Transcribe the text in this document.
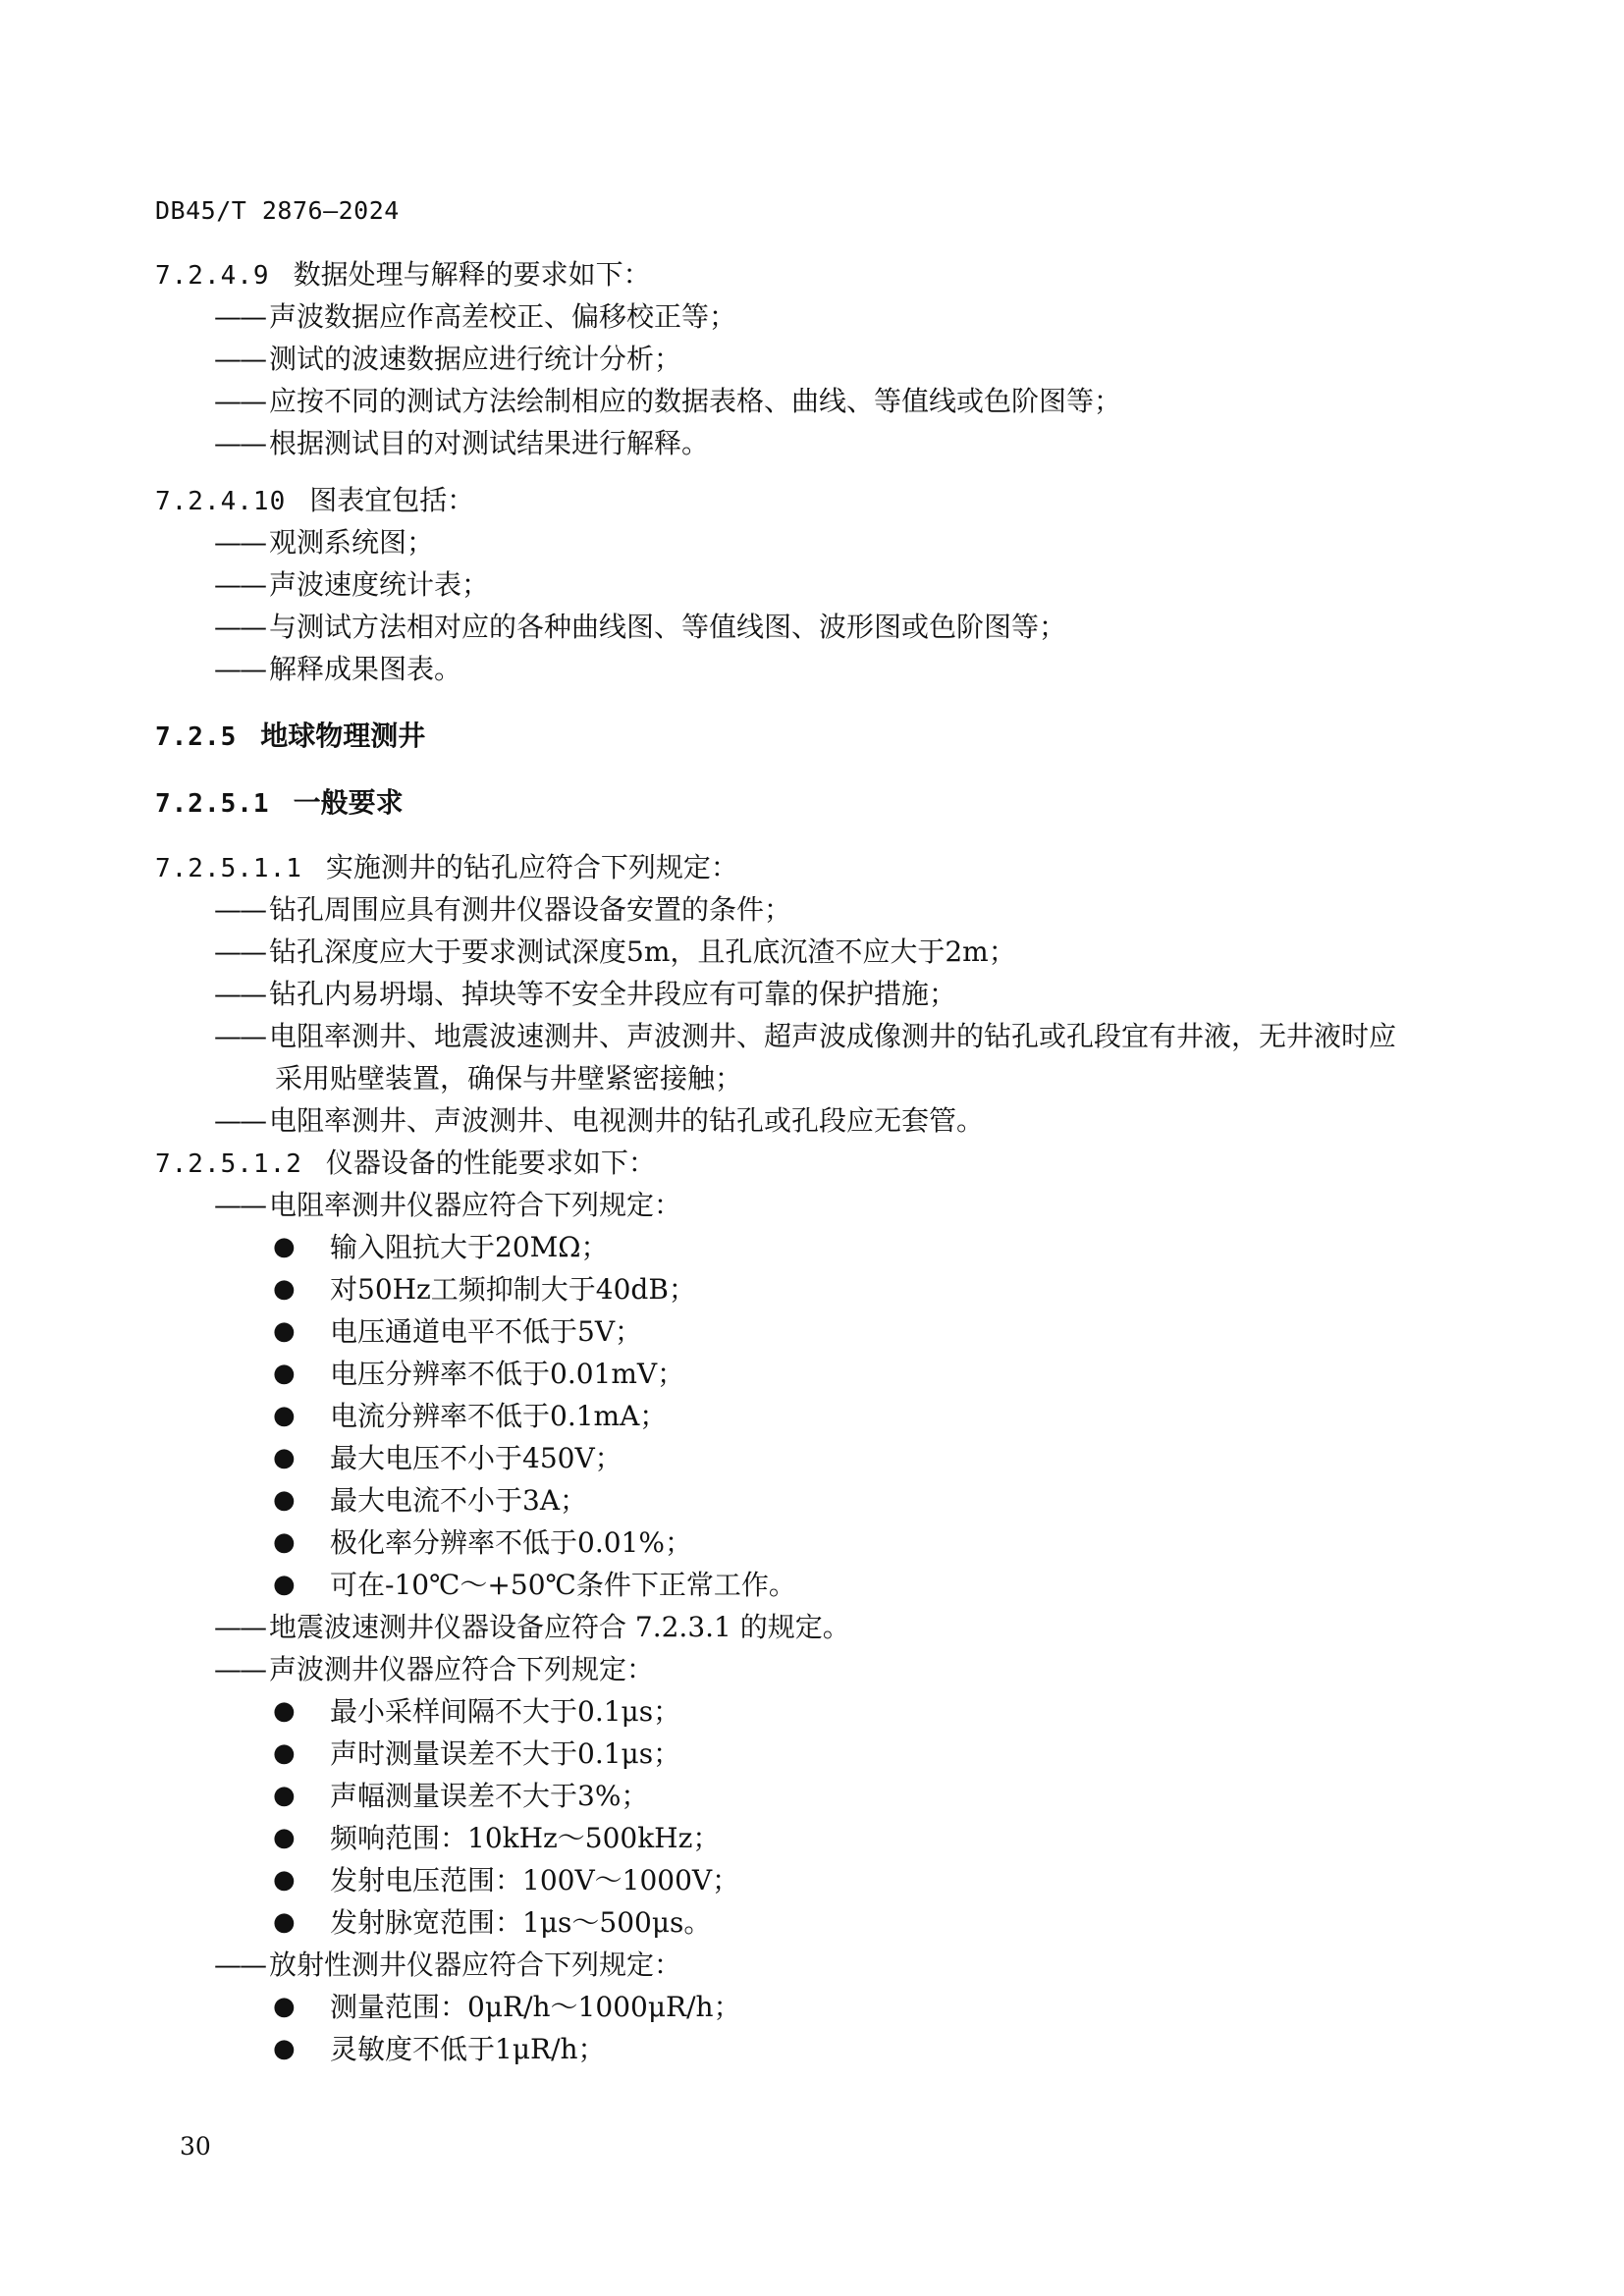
DB45/T 2876—2024
7.2.4.9 数据处理与解释的要求如下：
—— 声波数据应作高差校正、偏移校正等；
—— 测试的波速数据应进行统计分析；
—— 应按不同的测试方法绘制相应的数据表格、曲线、等值线或色阶图等；
—— 根据测试目的对测试结果进行解释。
7.2.4.10 图表宜包括：
—— 观测系统图；
—— 声波速度统计表；
—— 与测试方法相对应的各种曲线图、等值线图、波形图或色阶图等；
—— 解释成果图表。
7.2.5 地球物理测井
7.2.5.1 一般要求
7.2.5.1.1 实施测井的钻孔应符合下列规定：
—— 钻孔周围应具有测井仪器设备安置的条件；
—— 钻孔深度应大于要求测试深度5m，且孔底沉渣不应大于2m；
—— 钻孔内易坍塌、掉块等不安全井段应有可靠的保护措施；
—— 电阻率测井、地震波速测井、声波测井、超声波成像测井的钻孔或孔段宜有井液，无井液时应
采用贴壁装置，确保与井壁紧密接触；
—— 电阻率测井、声波测井、电视测井的钻孔或孔段应无套管。
7.2.5.1.2 仪器设备的性能要求如下：
—— 电阻率测井仪器应符合下列规定：
● 输入阻抗大于20MΩ；
● 对50Hz工频抑制大于40dB；
● 电压通道电平不低于5V；
● 电压分辨率不低于0.01mV；
● 电流分辨率不低于0.1mA；
● 最大电压不小于450V；
● 最大电流不小于3A；
● 极化率分辨率不低于0.01%；
● 可在-10℃～+50℃条件下正常工作。
—— 地震波速测井仪器设备应符合 7.2.3.1 的规定。
—— 声波测井仪器应符合下列规定：
● 最小采样间隔不大于0.1μs；
● 声时测量误差不大于0.1μs；
● 声幅测量误差不大于3%；
● 频响范围：10kHz～500kHz；
● 发射电压范围：100V～1000V；
● 发射脉宽范围：1μs～500μs。
—— 放射性测井仪器应符合下列规定：
● 测量范围：0μR/h～1000μR/h；
● 灵敏度不低于1μR/h；
30
